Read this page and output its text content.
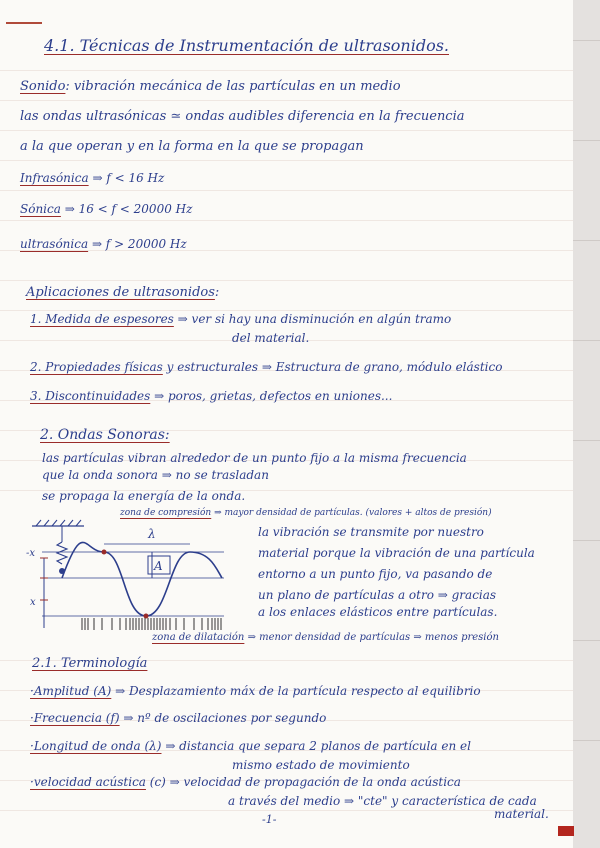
4.1. Técnicas de Instrumentación de ultrasonidos.
Sonido: vibración mecánica de las partículas en un medio
las ondas ultrasónicas ≃ ondas audibles diferencia en la frecuencia
a la que operan y en la forma en la que se propagan
Infrasónica ⇒ f < 16 Hz
Sónica ⇒ 16 < f < 20000 Hz
ultrasónica ⇒ f > 20000 Hz
Aplicaciones de ultrasonidos:
1. Medida de espesores ⇒ ver si hay una disminución en algún tramo
del material.
2. Propiedades físicas y estructurales ⇒ Estructura de grano, módulo elástico
3. Discontinuidades ⇒ poros, grietas, defectos en uniones...
2. Ondas Sonoras:
las partículas vibran alrededor de un punto fijo a la misma frecuencia
que la onda sonora ⇒ no se trasladan
se propaga la energía de la onda.
zona de compresión ⇒ mayor densidad de partículas. (valores + altos de presión)
-x
x
A
λ	la vibración se transmite por nuestro
material porque la vibración de una partícula
entorno a un punto fijo, va pasando de
un plano de partículas a otro ⇒ gracias
a los enlaces elásticos entre partículas.
zona de dilatación ⇒ menor densidad de partículas ⇒ menos presión
2.1. Terminología
·Amplitud (A) ⇒ Desplazamiento máx de la partícula respecto al equilibrio
·Frecuencia (f) ⇒ nº de oscilaciones por segundo
·Longitud de onda (λ) ⇒ distancia que separa 2 planos de partícula en el
mismo estado de movimiento
·velocidad acústica (c) ⇒ velocidad de propagación de la onda acústica
a través del medio ⇒ "cte" y característica de cada
material.
-1-
